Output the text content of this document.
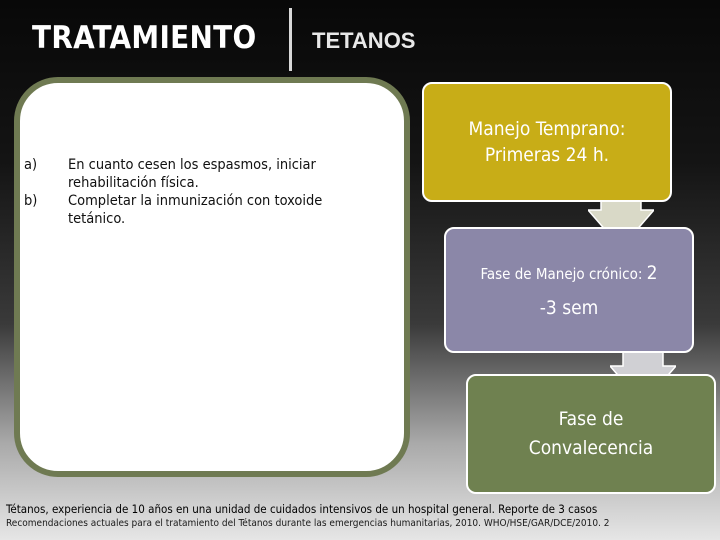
TRATAMIENTO	TETANOS
a) En cuanto cesen los espasmos, iniciar rehabilitación física.
b) Completar la inmunización con toxoide tetánico.
Manejo Temprano:
Primeras 24 h.
Fase de Manejo crónico: 2
-3 sem
Fase de
Convalecencia
Tétanos, experiencia de 10 años en una unidad de cuidados intensivos de un hospital general. Reporte de 3 casos
Recomendaciones actuales para el tratamiento del Tétanos durante las emergencias humanitarias, 2010. WHO/HSE/GAR/DCE/2010. 2
